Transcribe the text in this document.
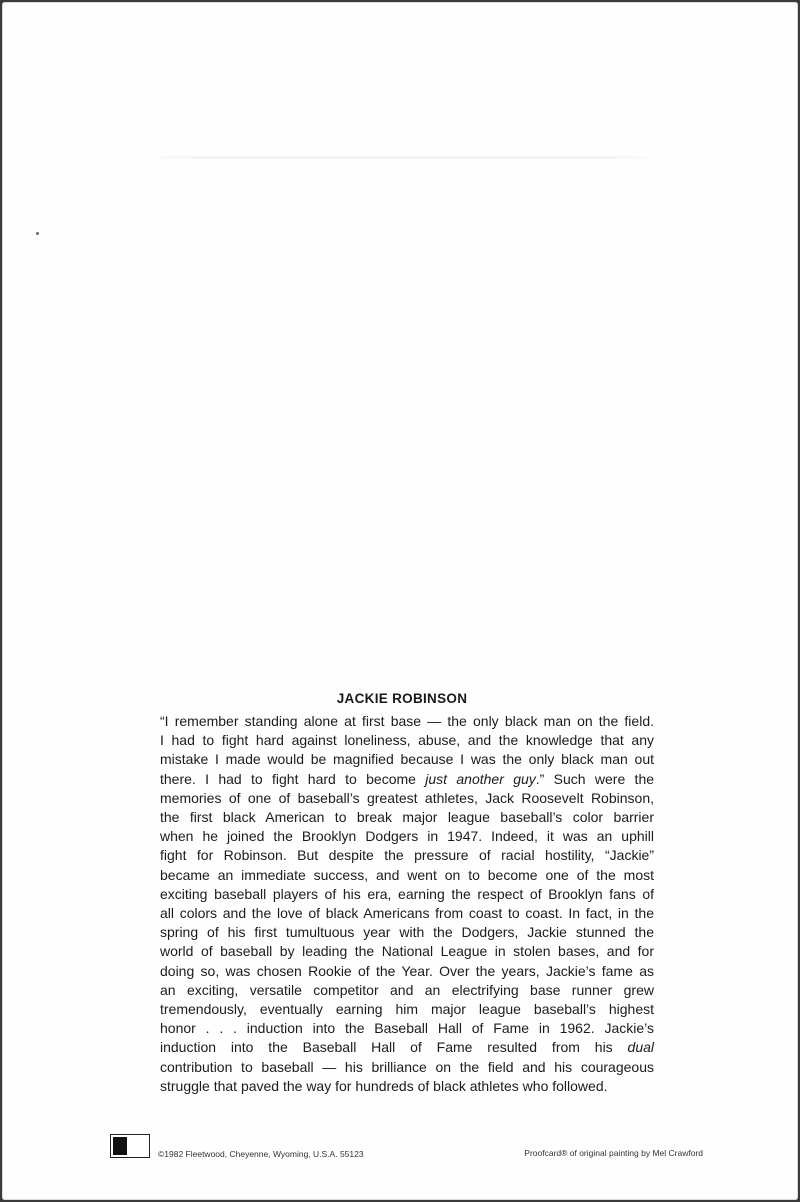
JACKIE ROBINSON
“I remember standing alone at first base — the only black man on the field.
I had to fight hard against loneliness, abuse, and the knowledge that any
mistake I made would be magnified because I was the only black man out
there. I had to fight hard to become just another guy.” Such were the
memories of one of baseball’s greatest athletes, Jack Roosevelt Robinson,
the first black American to break major league baseball’s color barrier
when he joined the Brooklyn Dodgers in 1947. Indeed, it was an uphill
fight for Robinson. But despite the pressure of racial hostility, “Jackie”
became an immediate success, and went on to become one of the most
exciting baseball players of his era, earning the respect of Brooklyn fans of
all colors and the love of black Americans from coast to coast. In fact, in the
spring of his first tumultuous year with the Dodgers, Jackie stunned the
world of baseball by leading the National League in stolen bases, and for
doing so, was chosen Rookie of the Year. Over the years, Jackie’s fame as
an exciting, versatile competitor and an electrifying base runner grew
tremendously, eventually earning him major league baseball’s highest
honor . . . induction into the Baseball Hall of Fame in 1962. Jackie’s
induction into the Baseball Hall of Fame resulted from his dual
contribution to baseball — his brilliance on the field and his courageous
struggle that paved the way for hundreds of black athletes who followed.
©1982 Fleetwood, Cheyenne, Wyoming, U.S.A. 55123	Proofcard® of original painting by Mel Crawford
